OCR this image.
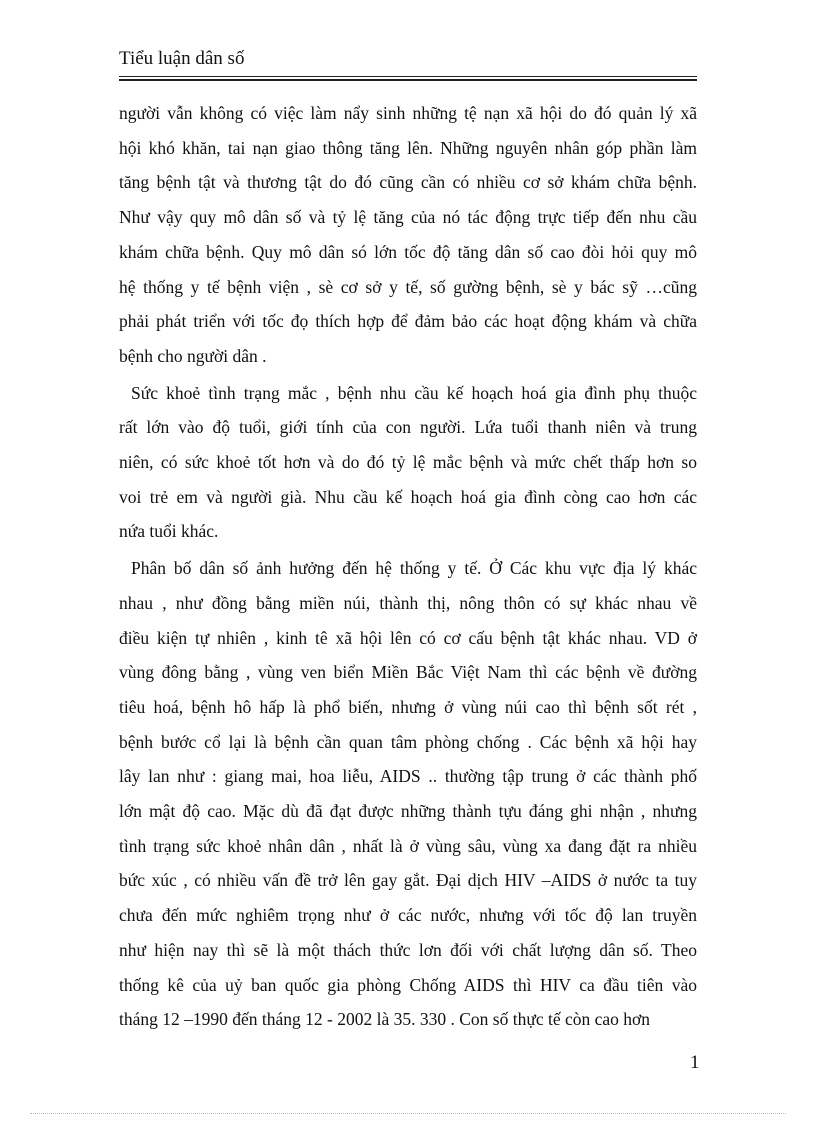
Tiểu luận dân số

người vẫn không có việc làm nẩy sinh những tệ nạn xã hội do đó quản lý xã
hội khó khăn, tai nạn giao thông tăng lên. Những nguyên nhân góp phần làm
tăng bệnh tật và thương tật do đó cũng cần có nhiều cơ sở khám chữa bệnh.
Như vậy quy mô dân số và tỷ lệ tăng của nó tác động trực tiếp đến nhu cầu
khám chữa bệnh. Quy mô dân só lớn tốc độ tăng dân số cao đòi hỏi quy mô
hệ thống y tế bệnh viện , sè cơ sở y tế, số gường bệnh, sè y bác sỹ …cũng
phải phát triển với tốc đọ thích hợp để đảm bảo các hoạt động khám và chữa
bệnh cho người dân .

Sức khoẻ tình trạng mắc , bệnh nhu cầu kế hoạch hoá gia đình phụ thuộc
rất lớn vào độ tuổi, giới tính của con người. Lứa tuổi thanh niên và trung
niên, có sức khoẻ tốt hơn và do đó tỷ lệ mắc bệnh và mức chết thấp hơn so
voi trẻ em và người già. Nhu cầu kế hoạch hoá gia đình còng cao hơn các
nứa tuổi khác.

Phân bố dân số ảnh hưởng đến hệ thống y tế. Ở Các khu vực địa lý khác
nhau , như đồng bằng miền núi, thành thị, nông thôn có sự khác nhau về
điều kiện tự nhiên , kinh tê xã hội lên có cơ cấu bệnh tật khác nhau. VD ở
vùng đông bằng , vùng ven biển Miền Bắc Việt Nam thì các bệnh về đường
tiêu hoá, bệnh hô hấp là phổ biến, nhưng ở vùng núi cao thì bệnh sốt rét ,
bệnh bước cổ lại là bệnh cần quan tâm phòng chống . Các bệnh xã hội hay
lây lan như : giang mai, hoa liễu, AIDS .. thường tập trung ở các thành phố
lớn mật độ cao. Mặc dù đã đạt được những thành tựu đáng ghi nhận , nhưng
tình trạng sức khoẻ nhân dân , nhất là ở vùng sâu, vùng xa đang đặt ra nhiều
bức xúc , có nhiều vấn đề trở lên gay gắt. Đại dịch HIV –AIDS ở nước ta tuy
chưa đến mức nghiêm trọng như ở các nước, nhưng với tốc độ lan truyền
như hiện nay thì sẽ là một thách thức lơn đối với chất lượng dân số. Theo
thống kê của uỷ ban quốc gia phòng Chống AIDS thì HIV ca đầu tiên vào
tháng 12 –1990 đến tháng 12 - 2002 là 35. 330 . Con số thực tế còn cao hơn

1
